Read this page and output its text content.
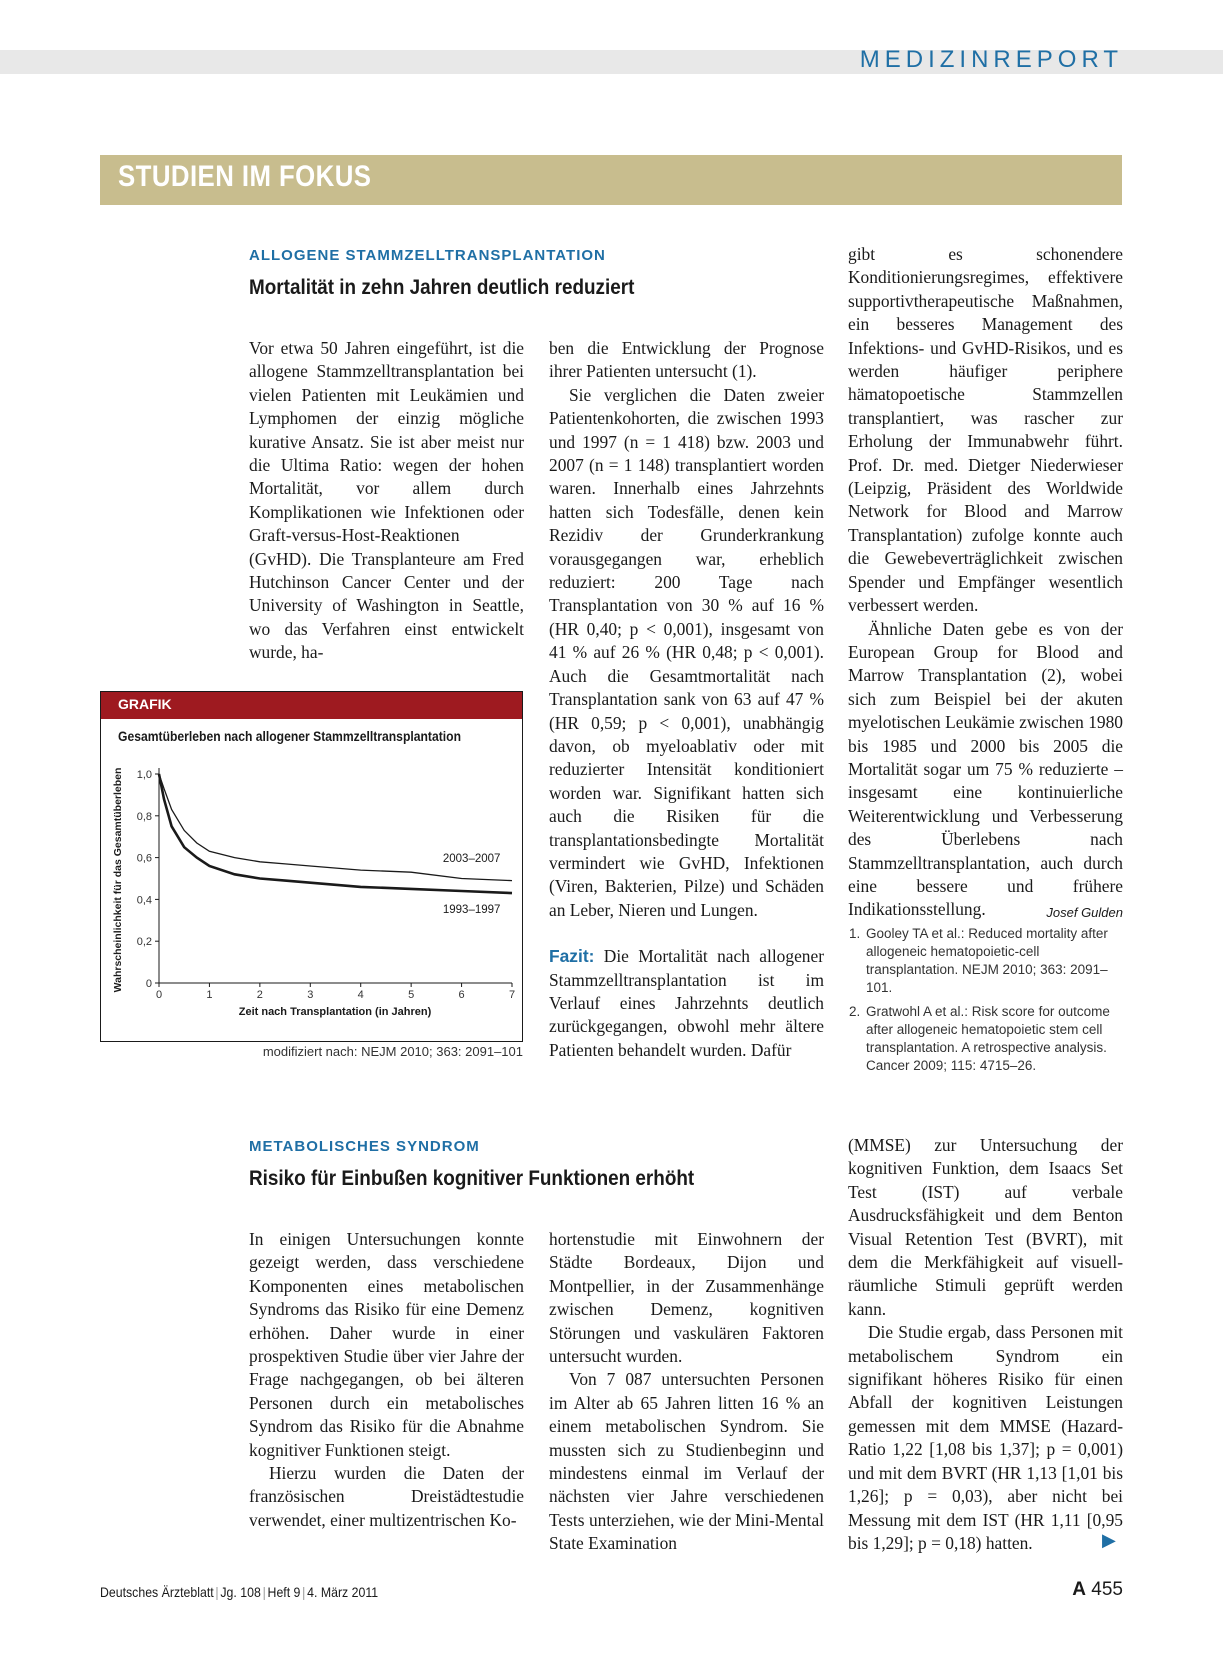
MEDIZINREPORT
STUDIEN IM FOKUS
ALLOGENE STAMMZELLTRANSPLANTATION
Mortalität in zehn Jahren deutlich reduziert

Vor etwa 50 Jahren eingeführt, ist die allogene Stammzelltransplantation bei vielen Patienten mit Leukämien und Lymphomen der einzig mögliche kurative Ansatz. Sie ist aber meist nur die Ultima Ratio: wegen der hohen Mortalität, vor allem durch Komplikationen wie Infektionen oder Graft-versus-Host-Reaktionen (GvHD). Die Transplanteure am Fred Hutchinson Cancer Center und der University of Washington in Seattle, wo das Verfahren einst entwickelt wurde, ha-

ben die Entwicklung der Prognose ihrer Patienten untersucht (1).

Sie verglichen die Daten zweier Patientenkohorten, die zwischen 1993 und 1997 (n = 1 418) bzw. 2003 und 2007 (n = 1 148) transplantiert worden waren. Innerhalb eines Jahrzehnts hatten sich Todesfälle, denen kein Rezidiv der Grunderkrankung vorausgegangen war, erheblich reduziert: 200 Tage nach Transplantation von 30 % auf 16 % (HR 0,40; p < 0,001), insgesamt von 41 % auf 26 % (HR 0,48; p < 0,001). Auch die Gesamtmortalität nach Transplantation sank von 63 auf 47 % (HR 0,59; p < 0,001), unabhängig davon, ob myeloablativ oder mit reduzierter Intensität konditioniert worden war. Signifikant hatten sich auch die Risiken für die transplantationsbedingte Mortalität vermindert wie GvHD, Infektionen (Viren, Bakterien, Pilze) und Schäden an Leber, Nieren und Lungen.

Fazit: Die Mortalität nach allogener Stammzelltransplantation ist im Verlauf eines Jahrzehnts deutlich zurückgegangen, obwohl mehr ältere Patienten behandelt wurden. Dafür

gibt es schonendere Konditionierungsregimes, effektivere supportivtherapeutische Maßnahmen, ein besseres Management des Infektions- und GvHD-Risikos, und es werden häufiger periphere hämatopoetische Stammzellen transplantiert, was rascher zur Erholung der Immunabwehr führt. Prof. Dr. med. Dietger Niederwieser (Leipzig, Präsident des Worldwide Network for Blood and Marrow Transplantation) zufolge konnte auch die Gewebeverträglichkeit zwischen Spender und Empfänger wesentlich verbessert werden.

Ähnliche Daten gebe es von der European Group for Blood and Marrow Transplantation (2), wobei sich zum Beispiel bei der akuten myelotischen Leukämie zwischen 1980 bis 1985 und 2000 bis 2005 die Mortalität sogar um 75 % reduzierte – insgesamt eine kontinuierliche Weiterentwicklung und Verbesserung des Überlebens nach Stammzelltransplantation, auch durch eine bessere und frühere Indikationsstellung.	Josef Gulden

1. Gooley TA et al.: Reduced mortality after allogeneic hematopoietic-cell transplantation. NEJM 2010; 363: 2091–101.
2. Gratwohl A et al.: Risk score for outcome after allogeneic hematopoietic stem cell transplantation. A retrospective analysis. Cancer 2009; 115: 4715–26.
GRAFIK
Gesamtüberleben nach allogener Stammzelltransplantation
0	1	2	3	4	5	6	7
0
0,2
0,4
0,6
0,8
1,0
Zeit nach Transplantation (in Jahren)
Wahrscheinlichkeit für das Gesamtüberleben	2003–2007
1993–1997
modifiziert nach: NEJM 2010; 363: 2091–101
METABOLISCHES SYNDROM
Risiko für Einbußen kognitiver Funktionen erhöht

In einigen Untersuchungen konnte gezeigt werden, dass verschiedene Komponenten eines metabolischen Syndroms das Risiko für eine Demenz erhöhen. Daher wurde in einer prospektiven Studie über vier Jahre der Frage nachgegangen, ob bei älteren Personen durch ein metabolisches Syndrom das Risiko für die Abnahme kognitiver Funktionen steigt.

Hierzu wurden die Daten der französischen Dreistädtestudie verwendet, einer multizentrischen Ko-

hortenstudie mit Einwohnern der Städte Bordeaux, Dijon und Montpellier, in der Zusammenhänge zwischen Demenz, kognitiven Störungen und vaskulären Faktoren untersucht wurden.

Von 7 087 untersuchten Personen im Alter ab 65 Jahren litten 16 % an einem metabolischen Syndrom. Sie mussten sich zu Studienbeginn und mindestens einmal im Verlauf der nächsten vier Jahre verschiedenen Tests unterziehen, wie der Mini-Mental State Examination

(MMSE) zur Untersuchung der kognitiven Funktion, dem Isaacs Set Test (IST) auf verbale Ausdrucksfähigkeit und dem Benton Visual Retention Test (BVRT), mit dem die Merkfähigkeit auf visuell-räumliche Stimuli geprüft werden kann.

Die Studie ergab, dass Personen mit metabolischem Syndrom ein signifikant höheres Risiko für einen Abfall der kognitiven Leistungen gemessen mit dem MMSE (Hazard-Ratio 1,22 [1,08 bis 1,37]; p = 0,001) und mit dem BVRT (HR 1,13 [1,01 bis 1,26]; p = 0,03), aber nicht bei Messung mit dem IST (HR 1,11 [0,95 bis 1,29]; p = 0,18) hatten.	▶
Deutsches Ärzteblatt | Jg. 108 | Heft 9 | 4. März 2011	A 455
